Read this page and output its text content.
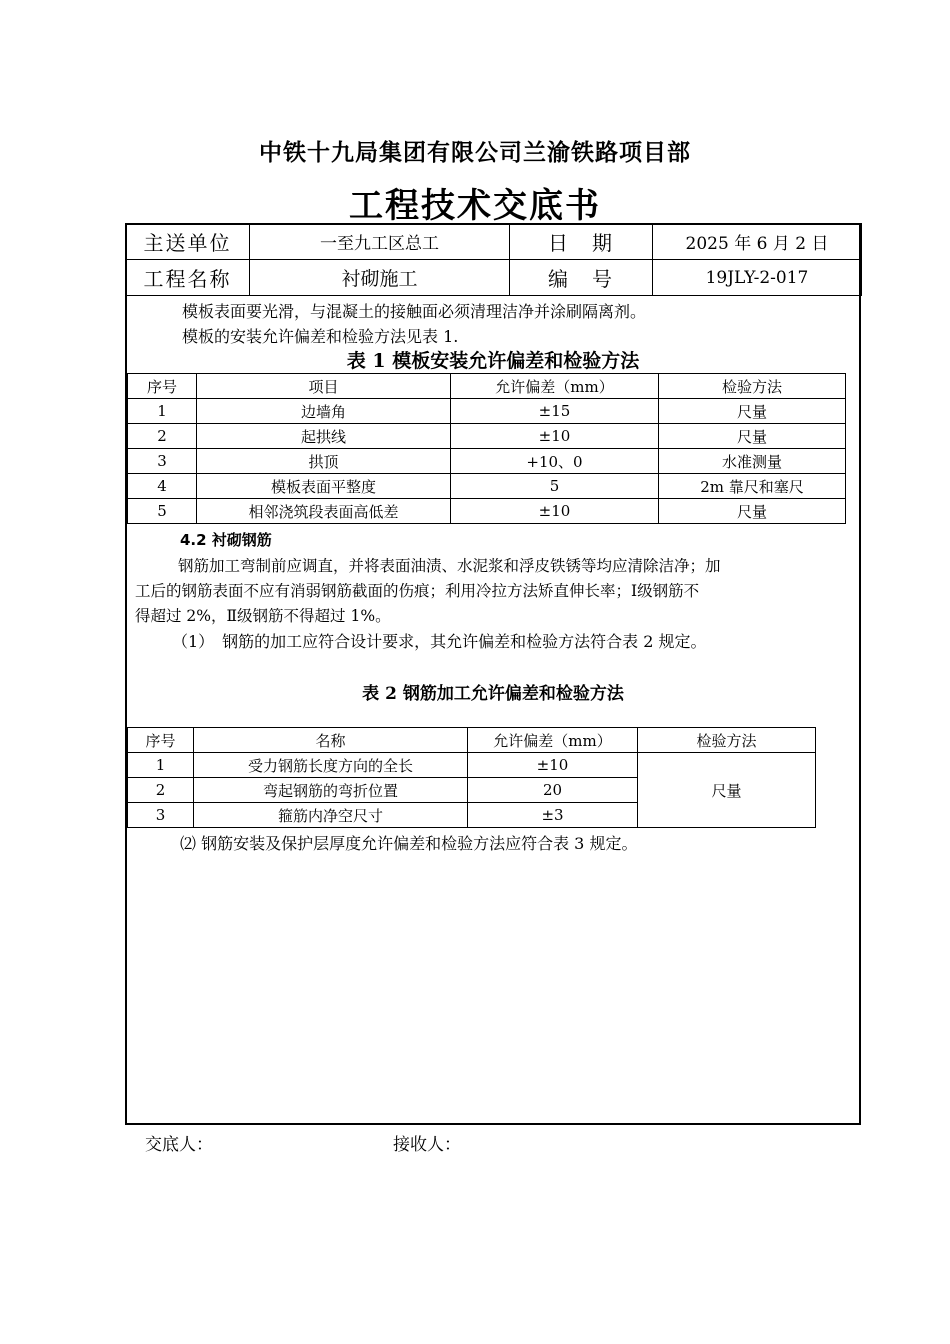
中铁十九局集团有限公司兰渝铁路项目部
工程技术交底书
主送单位	一至九工区总工	日　期	2025 年 6 月 2 日
工程名称	衬砌施工	编　号	19JLY-2-017
模板表面要光滑，与混凝土的接触面必须清理洁净并涂刷隔离剂。
模板的安装允许偏差和检验方法见表 1.
表 1 模板安装允许偏差和检验方法
序号	项目	允许偏差（mm）	检验方法
1	边墙角	±15	尺量
2	起拱线	±10	尺量
3	拱顶	+10、0	水准测量
4	模板表面平整度	5	2m 靠尺和塞尺
5	相邻浇筑段表面高低差	±10	尺量
4.2 衬砌钢筋
钢筋加工弯制前应调直，并将表面油渍、水泥浆和浮皮铁锈等均应清除洁净；加
工后的钢筋表面不应有消弱钢筋截面的伤痕；利用冷拉方法矫直伸长率；Ⅰ级钢筋不
得超过 2%，Ⅱ级钢筋不得超过 1%。
（1）　钢筋的加工应符合设计要求，其允许偏差和检验方法符合表 2 规定。
表 2 钢筋加工允许偏差和检验方法
序号	名称	允许偏差（mm）	检验方法
1	受力钢筋长度方向的全长	±10	尺量
2	弯起钢筋的弯折位置	20	
3	箍筋内净空尺寸	±3	
⑵ 钢筋安装及保护层厚度允许偏差和检验方法应符合表 3 规定。
交底人：	接收人：
